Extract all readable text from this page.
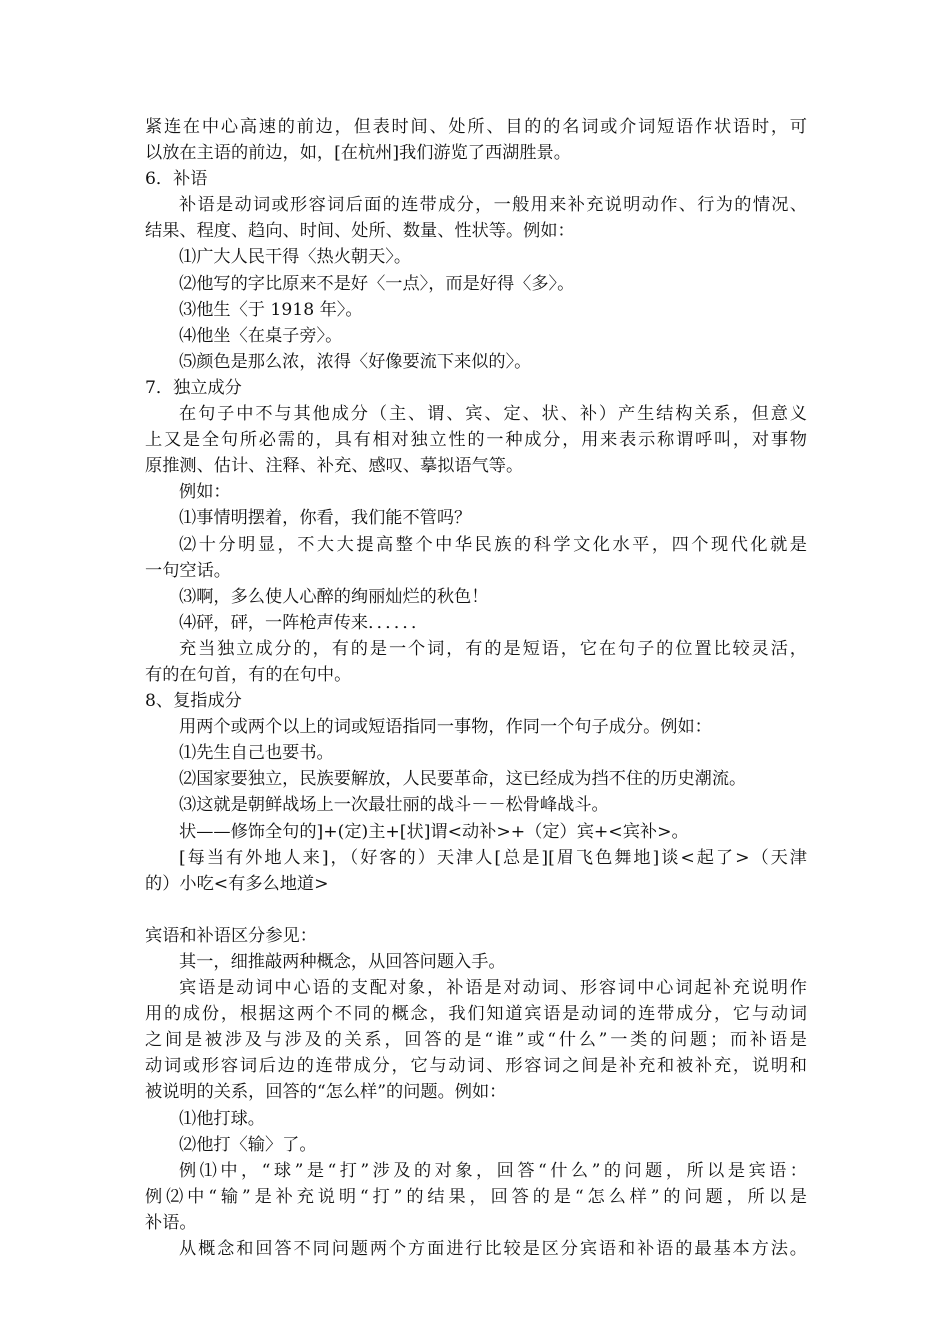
紧连在中心高速的前边，但表时间、处所、目的的名词或介词短语作状语时，可
以放在主语的前边，如，[在杭州]我们游览了西湖胜景。
6．补语
补语是动词或形容词后面的连带成分，一般用来补充说明动作、行为的情况、
结果、程度、趋向、时间、处所、数量、性状等。例如：
⑴广大人民干得〈热火朝天〉。
⑵他写的字比原来不是好〈一点〉，而是好得〈多〉。
⑶他生〈于 1918 年〉。
⑷他坐〈在桌子旁〉。
⑸颜色是那么浓，浓得〈好像要流下来似的〉。
7．独立成分
在句子中不与其他成分（主、谓、宾、定、状、补）产生结构关系，但意义
上又是全句所必需的，具有相对独立性的一种成分，用来表示称谓呼叫，对事物
原推测、估计、注释、补充、感叹、摹拟语气等。
例如：
⑴事情明摆着，你看，我们能不管吗？
⑵十分明显，不大大提高整个中华民族的科学文化水平，四个现代化就是
一句空话。
⑶啊，多么使人心醉的绚丽灿烂的秋色！
⑷砰，砰，一阵枪声传来．．．．．．
充当独立成分的，有的是一个词，有的是短语，它在句子的位置比较灵活，
有的在句首，有的在句中。
8、复指成分
用两个或两个以上的词或短语指同一事物，作同一个句子成分。例如：
⑴先生自己也要书。
⑵国家要独立，民族要解放，人民要革命，这已经成为挡不住的历史潮流。
⑶这就是朝鲜战场上一次最壮丽的战斗－－松骨峰战斗。
状——修饰全句的]+(定)主+[状]谓<动补>+（定）宾+<宾补>。
[每当有外地人来]，（好客的）天津人[总是][眉飞色舞地]谈<起了>（天津
的）小吃<有多么地道>
宾语和补语区分参见：
其一，细推敲两种概念，从回答问题入手。
宾语是动词中心语的支配对象，补语是对动词、形容词中心词起补充说明作
用的成份，根据这两个不同的概念，我们知道宾语是动词的连带成分，它与动词
之间是被涉及与涉及的关系，回答的是“谁”或“什么”一类的问题；而补语是
动词或形容词后边的连带成分，它与动词、形容词之间是补充和被补充，说明和
被说明的关系，回答的“怎么样”的问题。例如：
⑴他打球。
⑵他打〈输〉了。
例⑴中，“球”是“打”涉及的对象，回答“什么”的问题，所以是宾语：
例⑵中“输”是补充说明“打”的结果，回答的是“怎么样”的问题，所以是
补语。
从概念和回答不同问题两个方面进行比较是区分宾语和补语的最基本方法。
